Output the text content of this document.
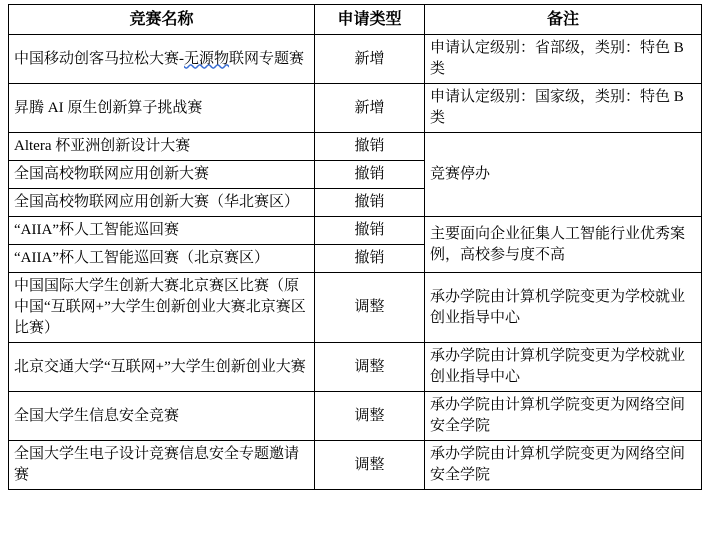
竞赛名称	申请类型	备注
中国移动创客马拉松大赛-无源物联网专题赛	新增	申请认定级别：省部级，类别：特色 B 类
昇腾 AI 原生创新算子挑战赛	新增	申请认定级别：国家级，类别：特色 B 类
Altera 杯亚洲创新设计大赛	撤销	竞赛停办
全国高校物联网应用创新大赛	撤销	
全国高校物联网应用创新大赛（华北赛区）	撤销	
“AIIA”杯人工智能巡回赛	撤销	主要面向企业征集人工智能行业优秀案例，高校参与度不高
“AIIA”杯人工智能巡回赛（北京赛区）	撤销	
中国国际大学生创新大赛北京赛区比赛（原中国“互联网+”大学生创新创业大赛北京赛区比赛）	调整	承办学院由计算机学院变更为学校就业创业指导中心
北京交通大学“互联网+”大学生创新创业大赛	调整	承办学院由计算机学院变更为学校就业创业指导中心
全国大学生信息安全竞赛	调整	承办学院由计算机学院变更为网络空间安全学院
全国大学生电子设计竞赛信息安全专题邀请赛	调整	承办学院由计算机学院变更为网络空间安全学院
